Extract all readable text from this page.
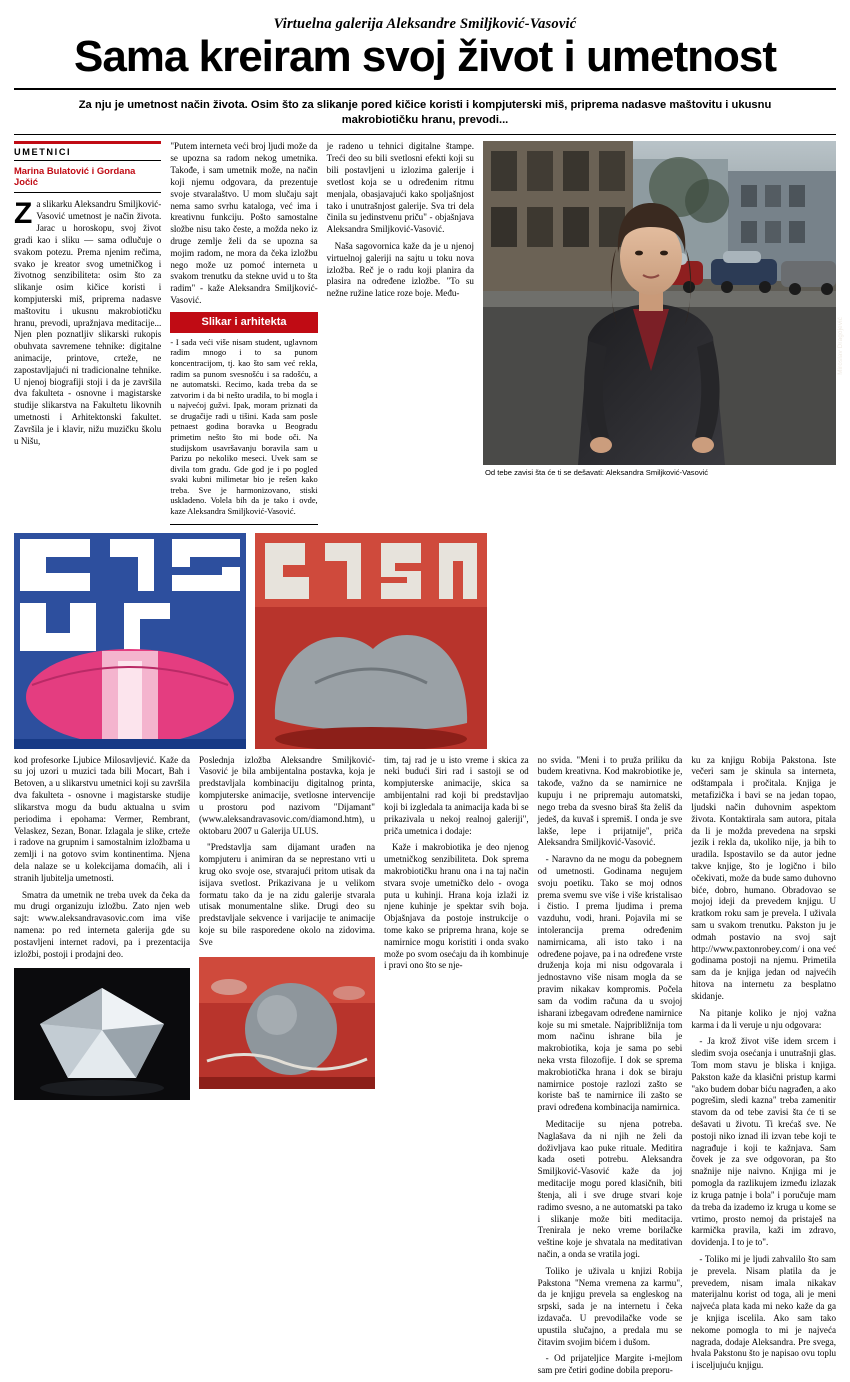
Virtuelna galerija Aleksandre Smiljković-Vasović
Sama kreiram svoj život i umetnost
Za nju je umetnost način života. Osim što za slikanje pored kičice koristi i kompjuterski miš, priprema nadasve maštovitu i ukusnu makrobiotičku hranu, prevodi...
UMETNICI
Marina Bulatović i Gordana Jočić

Za slikarku Aleksandru Smiljković-Vasović umetnost je način života. Jarac u horoskopu, svoj život gradi kao i sliku — sama odlučuje o svakom potezu. Prema njenim rečima, svako je kreator svog umetničkog i životnog senzibiliteta: osim što za slikanje osim kičice koristi i kompjuterski miš, priprema nadasve maštovitu i ukusnu makrobiotičku hranu, prevodi, upražnjava meditacije... Njen plen poznatljiv slikarski rukopis obuhvata savremene tehnike: digitalne animacije, printove, crteže, ne zapostavljajući ni tradicionalne tehnike. U njenoj biografiji stoji i da je završila dva fakulteta - osnovne i magistarske studije slikarstva na Fakultetu likovnih umetnosti i Arhitektonski fakultet. Završila je i klavir, nižu muzičku školu u Nišu,

"Putem interneta veći broj ljudi može da se upozna sa radom nekog umetnika. Takođe, i sam umetnik može, na način koji njemu odgovara, da prezentuje svoje stvaralaštvo. U mom slučaju sajt nema samo svrhu kataloga, već ima i kreativnu funkciju. Pošto samostalne složbe nisu tako česte, a možda neko iz druge zemlje želi da se upozna sa mojim radom, ne mora da čeka izložbu nego može uz pomoć interneta u svakom trenutku da stekne uvid u to šta radim" - kaže Aleksandra Smiljković-Vasović.

Slikar i arhitekta
- I sada veći više nisam student, uglavnom radim mnogo i to sa punom koncentracijom, tj. kao što sam već rekla, radim sa punom svesnošću i sa radošću, a ne automatski. Recimo, kada treba da se zatvorim i da bi nešto uradila, to bi mogla i u najvećoj gužvi. Ipak, moram priznati da se drugačije radi u tišini. Kada sam posle petnaest godina boravka u Beogradu primetim nešto što mi bode oči. Na studijskom usavršavanju boravila sam u Parizu po nekoliko meseci. Uvek sam se divila tom gradu. Gde god je i po pogled svaki kubni milimetar bio je rešen kako treba. Sve je harmonizovano, stiski uskladeno. Volela bih da je tako i ovde, kaze Aleksandra Smiljković-Vasović.

je radeno u tehnici digitalne štampe. Treći deo su bili svetlosni efekti koji su bili postavljeni u izlozima galerije i svetlost koja se u određenim ritmu menjala, obasjavajući kako spoljašnjost tako i unutrašnjost galerije. Sva tri dela činila su jedinstvenu priču" - objašnjava Aleksandra Smiljković-Vasović.

Naša sagovornica kaže da je u njenoj virtuelnoj galeriji na sajtu u toku nova izložba. Reč je o radu koji planira da plasira na određene izložbe. "To su nežne ružine latice roze boje. Među-

Miroslav Dragojević
Od tebe zavisi šta će ti se dešavati: Aleksandra Smiljković-Vasović

kod profesorke Ljubice Milosavljević. Kaže da su joj uzori u muzici tada bili Mocart, Bah i Betoven, a u slikarstvu umetnici koji su završila dva fakulteta - osnovne i magistarske studije slikarstva mogu da budu aktualna u svim periodima i epohama: Vermer, Rembrant, Velaskez, Sezan, Bonar. Izlagala je slike, crteže i radove na grupnim i samostalnim izložbama u zemlji i na gotovo svim kontinentima. Njena dela nalaze se u kolekcijama domaćih, ali i stranih ljubitelja umetnosti.

Smatra da umetnik ne treba uvek da čeka da mu drugi organizuju izložbu. Zato njen web sajt: www.aleksandravasovic.com ima više namena: po red interneta galerija gde su postavljeni internet radovi, pa i prezentacija izložbi, postoji i prodajni deo.

Poslednja izložba Aleksandre Smiljković-Vasović je bila ambijentalna postavka, koja je predstavljala kombinaciju digitalnog printa, kompjuterske animacije, svetlosne intervencije u prostoru pod nazivom "Dijamant" (www.aleksandravasovic.com/diamond.htm), u oktobaru 2007 u Galerija ULUS.

"Predstavlja sam dijamant urađen na kompjuteru i animiran da se neprestano vrti u krug oko svoje ose, stvarajući pritom utisak da isijava svetlost. Prikazivana je u velikom formatu tako da je na zidu galerije stvarala utisak monumentalne slike. Drugi deo su predstavljale sekvence i varijacije te animacije koje su bile rasporedene okolo na zidovima. Sve

tim, taj rad je u isto vreme i skica za neki budući širi rad i sastoji se od kompjuterske animacije, skica sa ambijentalni rad koji bi predstavljao koji bi izgledala ta animacija kada bi se prikazivala u nekoj realnoj galeriji", priča umetnica i dodaje:

Kaže i makrobiotika je deo njenog umetničkog senzibiliteta. Dok sprema makrobiotičku hranu ona i na taj način stvara svoje umetničko delo - ovoga puta u kuhinji. Hrana koja izlaži iz njene kuhinje je spektar svih boja. Objašnjava da postoje instrukcije o tome kako se priprema hrana, koje se namirnice mogu koristiti i onda svako može po svom osećaju da ih kombinuje i pravi ono što se nje-

no svida. "Meni i to pruža priliku da budem kreativna. Kod makrobiotike je, takođe, važno da se namirnice ne kupuju i ne pripremaju automatski, nego treba da svesno biraš šta želiš da jedeš, da kuvaš i spremiš. I onda je sve lakše, lepe i prijatnije", priča Aleksandra Smiljković-Vasović.

- Naravno da ne mogu da pobegnem od umetnosti. Godinama negujem svoju poetiku. Tako se moj odnos prema svemu sve više i više kristalisao i čistio. I prema ljudima i prema vazduhu, vodi, hrani. Pojavila mi se intolerancija prema određenim namirnicama, ali isto tako i na određene pojave, pa i na određene vrste druženja koja mi nisu odgovarala i jednostavno više nisam mogla da se pravim nikakav kompromis. Počela sam da vodim računa da u svojoj isharani izbegavam određene namirnice koje su mi smetale. Najpribližnija tom mom načinu ishrane bila je makrobiotika, koja je sama po sebi neka vrsta filozofije. I dok se sprema makrobiotička hrana i dok se biraju namirnice postoje razlozi zašto se koriste baš te namirnice ili zašto se pravi određena kombinacija namirnica.

Meditacije su njena potreba. Naglašava da ni njih ne želi da doživljava kao puke rituale. Meditira kada oseti potrebu. Aleksandra Smiljković-Vasović kaže da joj meditacije mogu pored klasičnih, biti štenja, ali i sve druge stvari koje radimo svesno, a ne automatski pa tako i slikanje može biti meditacija. Trenirala je neko vreme borilačke veštine koje je shvatala na meditativan način, a onda se vratila jogi.

Toliko je uživala u knjizi Robija Pakstona "Nema vremena za karmu", da je knjigu prevela sa engleskog na srpski, sada je na internetu i čeka izdavača. U prevodilačke vode se upustila slučajno, a predala mu se čitavim svojim bićem i dušom.

- Od prijateljice Margite i-mejlom sam pre četiri godine dobila preporu-

ku za knjigu Robija Pakstona. Iste večeri sam je skinula sa interneta, odštampala i pročitala. Knjiga je metafizička i bavi se na jedan topao, ljudski način duhovnim aspektom života. Kontaktirala sam autora, pitala da li je možda prevedena na srpski jezik i rekla da, ukoliko nije, ja bih to uradila. Ispostavilo se da autor jedne takve knjige, što je logično i bilo očekivati, može da bude samo duhovno biće, dobro, humano. Obradovao se mojoj ideji da prevedem knjigu. U kratkom roku sam je prevela. I uživala sam u svakom trenutku. Pakston ju je odmah postavio na svoj sajt http://www.paxtonrobey.com/ i ona već godinama postoji na njemu. Primetila sam da je knjiga jedan od najvećih hitova na internetu za besplatno skidanje.

Na pitanje koliko je njoj važna karma i da li veruje u nju odgovara:

- Ja krož život više idem srcem i sledim svoja osećanja i unutrašnji glas. Tom mom stavu je bliska i knjiga. Pakston kaže da klasični pristup karmi "ako budem dobar biću nagrađen, a ako pogrešim, sledi kazna" treba zamenitir stavom da od tebe zavisi šta će ti se dešavati u životu. Ti krećaš sve. Ne postoji niko iznad ili izvan tebe koji te nagrađuje i koji te kažnjava. Sam čovek je za sve odgovoran, pa što snažnije nije naivno. Knjiga mi je pomogla da razlikujem između izlazak iz kruga patnje i bola" i poručuje mam da treba da izademo iz kruga u kome se vrtimo, prosto nemoj da pristaješ na karmička pravila, kaži im zdravo, dovidenja. I to je to".

- Toliko mi je ljudi zahvalilo što sam je prevela. Nisam platila da je prevedem, nisam imala nikakav materijalnu korist od toga, ali je meni najveća plata kada mi neko kaže da ga je knjiga iscelila. Ako sam tako nekome pomogla to mi je najveća nagrada, dodaje Aleksandra. Pre svega, hvala Pakstonu što je napisao ovu toplu i isceljujuću knjigu.
